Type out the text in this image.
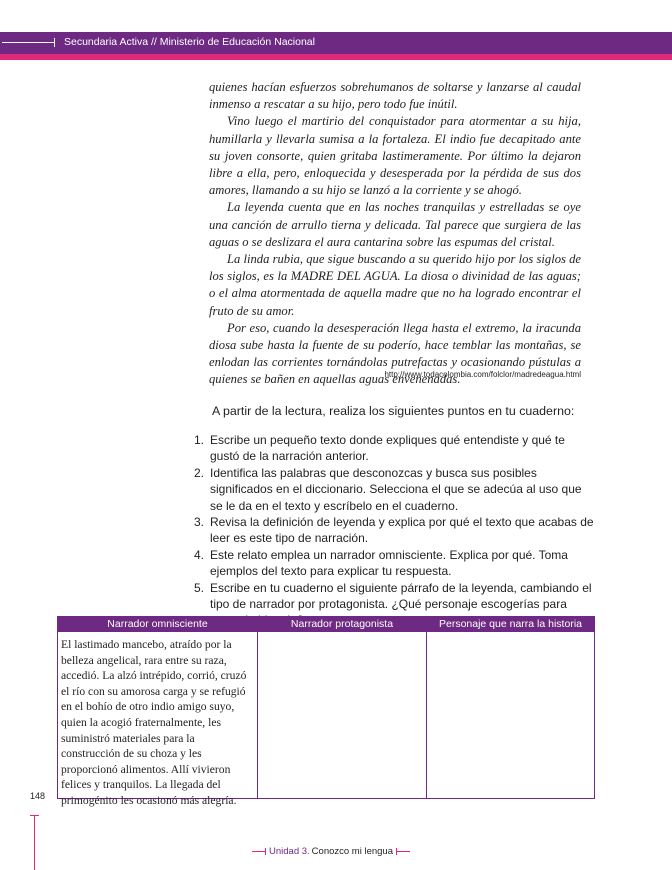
Secundaria Activa // Ministerio de Educación Nacional

quienes hacían esfuerzos sobrehumanos de soltarse y lanzarse al caudal inmenso a rescatar a su hijo, pero todo fue inútil.

Vino luego el martirio del conquistador para atormentar a su hija, humillarla y llevarla sumisa a la fortaleza. El indio fue decapitado ante su joven consorte, quien gritaba lastimeramente. Por último la dejaron libre a ella, pero, enloquecida y desesperada por la pérdida de sus dos amores, llamando a su hijo se lanzó a la corriente y se ahogó.

La leyenda cuenta que en las noches tranquilas y estrelladas se oye una canción de arrullo tierna y delicada. Tal parece que surgiera de las aguas o se deslizara el aura cantarina sobre las espumas del cristal.

La linda rubia, que sigue buscando a su querido hijo por los siglos de los siglos, es la MADRE DEL AGUA. La diosa o divinidad de las aguas; o el alma atormentada de aquella madre que no ha logrado encontrar el fruto de su amor.

Por eso, cuando la desesperación llega hasta el extremo, la iracunda diosa sube hasta la fuente de su poderío, hace temblar las montañas, se enlodan las corrientes tornándolas putrefactas y ocasionando pústulas a quienes se bañen en aquellas aguas envenenadas.

http://www.todacolombia.com/folclor/madredeagua.html
A partir de la lectura, realiza los siguientes puntos en tu cuaderno:
1. Escribe un pequeño texto donde expliques qué entendiste y qué te gustó de la narración anterior.
2. Identifica las palabras que desconozcas y busca sus posibles significados en el diccionario. Selecciona el que se adecúa al uso que se le da en el texto y escríbelo en el cuaderno.
3. Revisa la definición de leyenda y explica por qué el texto que acabas de leer es este tipo de narración.
4. Este relato emplea un narrador omnisciente. Explica por qué. Toma ejemplos del texto para explicar tu respuesta.
5. Escribe en tu cuaderno el siguiente párrafo de la leyenda, cambiando el tipo de narrador por protagonista. ¿Qué personaje escogerías para
Narrador omnisciente	Narrador protagonista	Personaje que narra la historia
El lastimado mancebo, atraído por la belleza angelical, rara entre su raza, accedió. La alzó intrépido, corrió, cruzó el río con su amorosa carga y se refugió en el bohío de otro indio amigo suyo, quien la acogió fraternalmente, les suministró materiales para la construcción de su choza y les proporcionó alimentos. Allí vivieron felices y tranquilos. La llegada del primogénito les ocasionó más alegría.
148
Unidad 3. Conozco mi lengua
